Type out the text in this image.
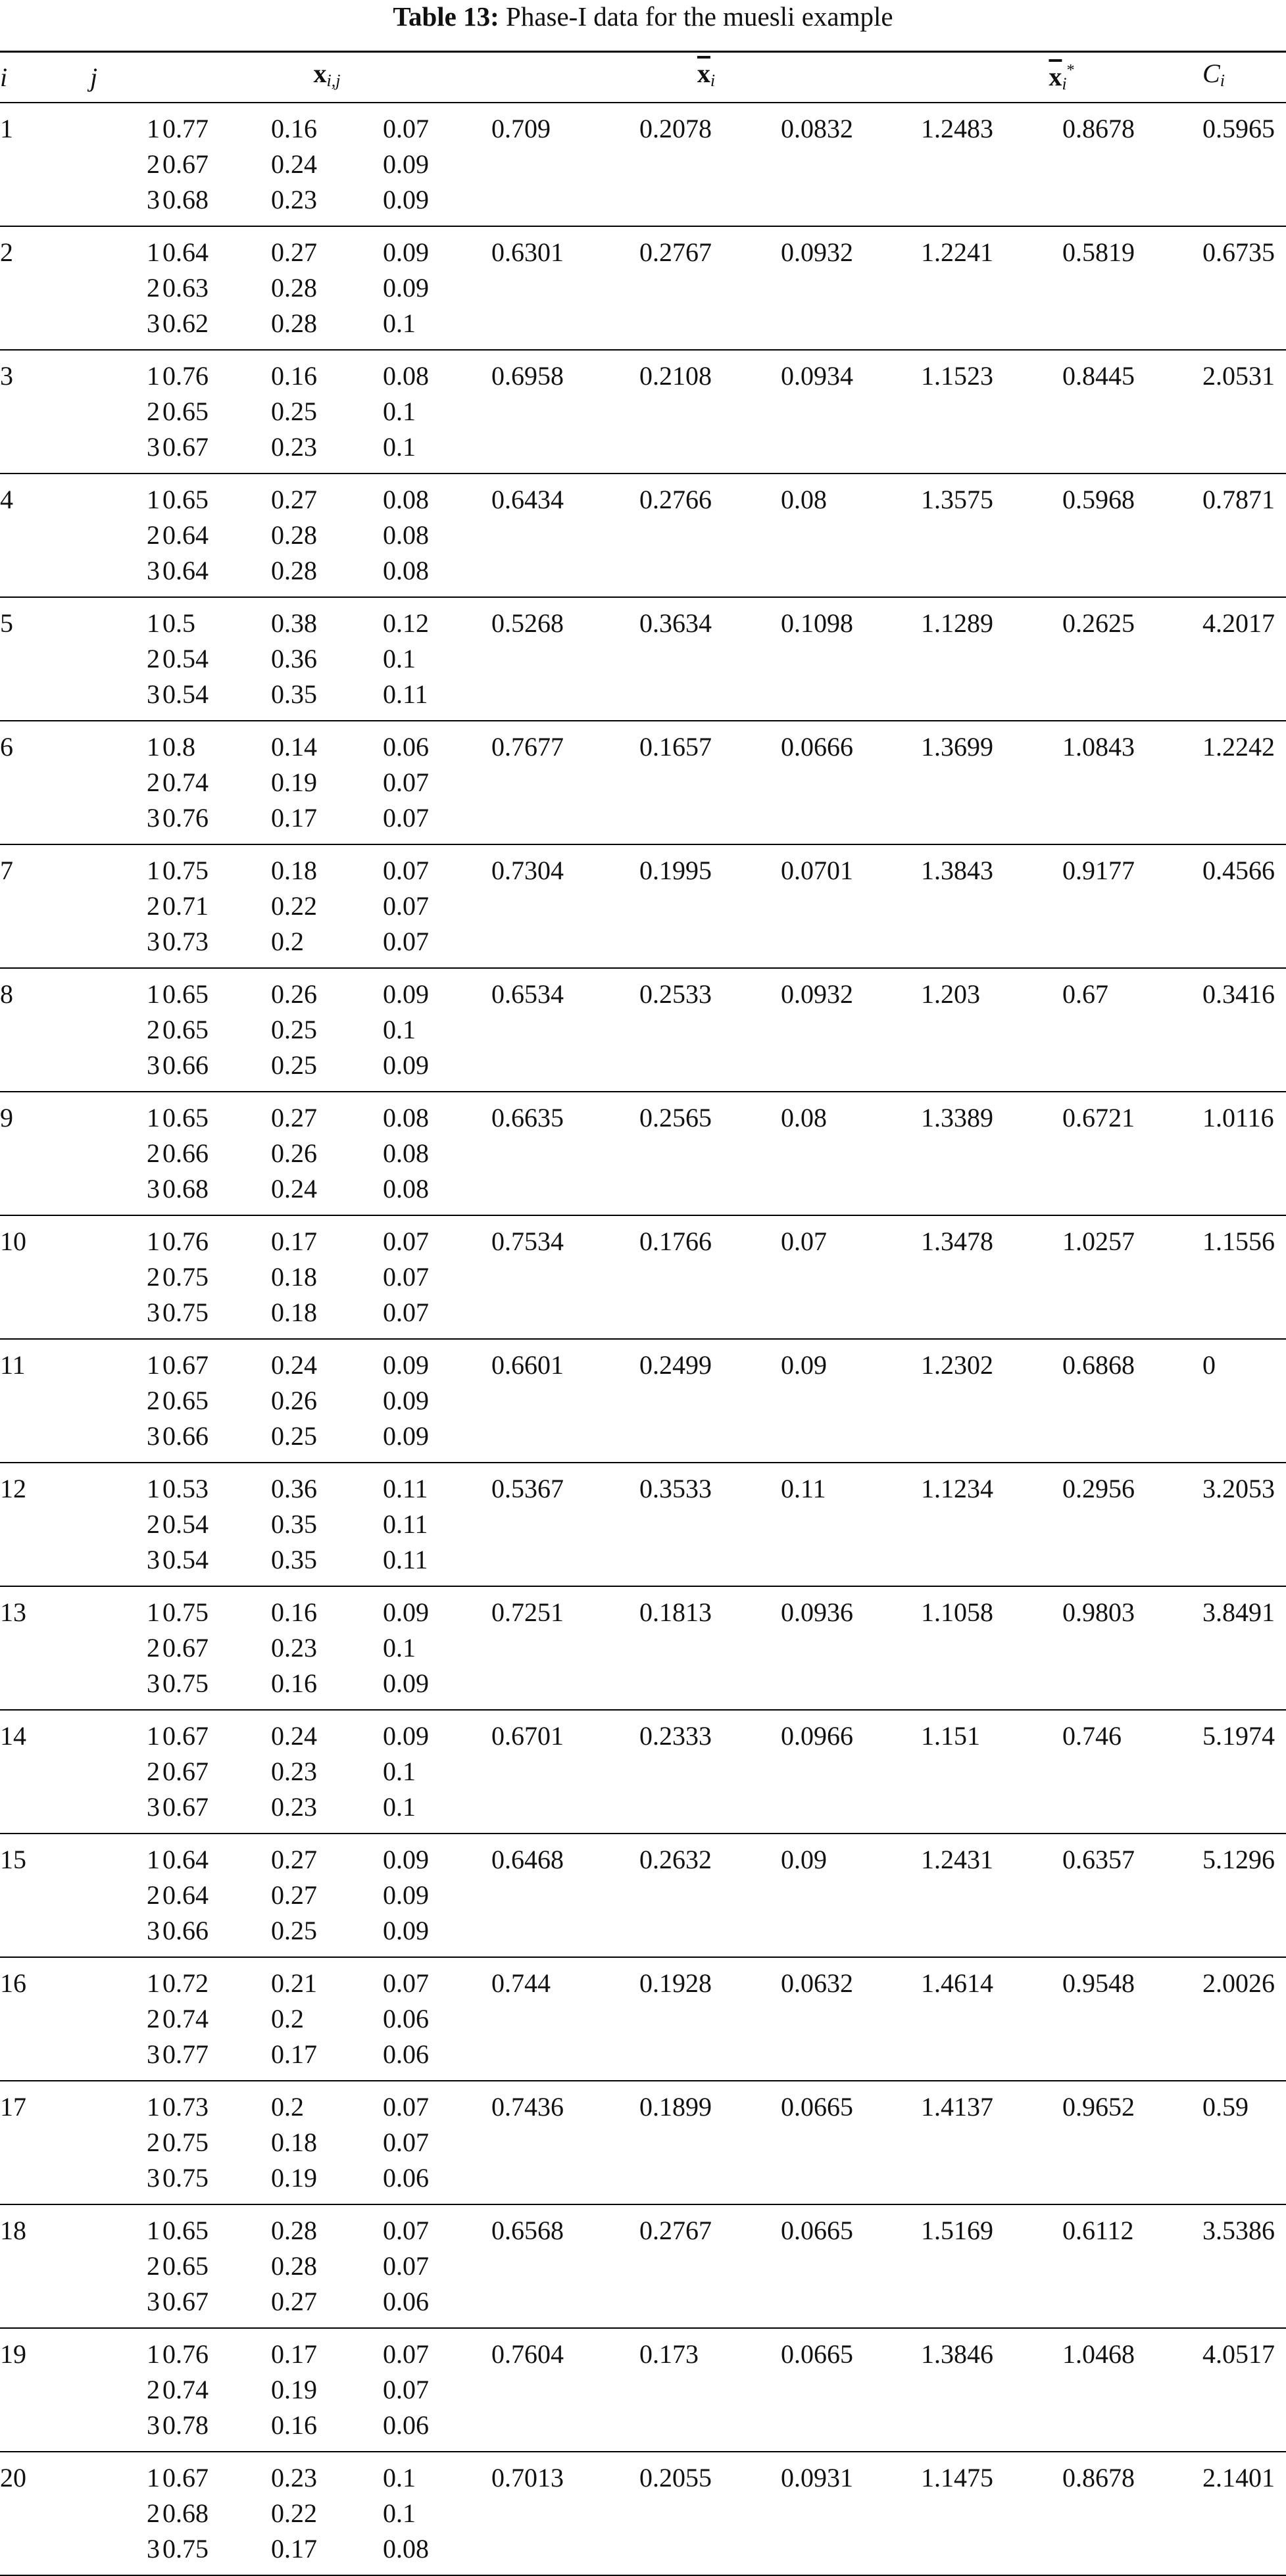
Table 13: Phase-I data for the muesli example
i	j	$x_{i,j}$			$\overline{x}_i$			$\overline{x}_i^*$		$C_i$
1	1	0.77	0.16	0.07	0.709	0.2078	0.0832	1.2483	0.8678	0.5965
	2	0.67	0.24	0.09						
	3	0.68	0.23	0.09						
2	1	0.64	0.27	0.09	0.6301	0.2767	0.0932	1.2241	0.5819	0.6735
	2	0.63	0.28	0.09						
	3	0.62	0.28	0.1						
3	1	0.76	0.16	0.08	0.6958	0.2108	0.0934	1.1523	0.8445	2.0531
	2	0.65	0.25	0.1						
	3	0.67	0.23	0.1						
4	1	0.65	0.27	0.08	0.6434	0.2766	0.08	1.3575	0.5968	0.7871
	2	0.64	0.28	0.08						
	3	0.64	0.28	0.08						
5	1	0.5	0.38	0.12	0.5268	0.3634	0.1098	1.1289	0.2625	4.2017
	2	0.54	0.36	0.1						
	3	0.54	0.35	0.11						
6	1	0.8	0.14	0.06	0.7677	0.1657	0.0666	1.3699	1.0843	1.2242
	2	0.74	0.19	0.07						
	3	0.76	0.17	0.07						
7	1	0.75	0.18	0.07	0.7304	0.1995	0.0701	1.3843	0.9177	0.4566
	2	0.71	0.22	0.07						
	3	0.73	0.2	0.07						
8	1	0.65	0.26	0.09	0.6534	0.2533	0.0932	1.203	0.67	0.3416
	2	0.65	0.25	0.1						
	3	0.66	0.25	0.09						
9	1	0.65	0.27	0.08	0.6635	0.2565	0.08	1.3389	0.6721	1.0116
	2	0.66	0.26	0.08						
	3	0.68	0.24	0.08						
10	1	0.76	0.17	0.07	0.7534	0.1766	0.07	1.3478	1.0257	1.1556
	2	0.75	0.18	0.07						
	3	0.75	0.18	0.07						
11	1	0.67	0.24	0.09	0.6601	0.2499	0.09	1.2302	0.6868	0
	2	0.65	0.26	0.09						
	3	0.66	0.25	0.09						
12	1	0.53	0.36	0.11	0.5367	0.3533	0.11	1.1234	0.2956	3.2053
	2	0.54	0.35	0.11						
	3	0.54	0.35	0.11						
13	1	0.75	0.16	0.09	0.7251	0.1813	0.0936	1.1058	0.9803	3.8491
	2	0.67	0.23	0.1						
	3	0.75	0.16	0.09						
14	1	0.67	0.24	0.09	0.6701	0.2333	0.0966	1.151	0.746	5.1974
	2	0.67	0.23	0.1						
	3	0.67	0.23	0.1						
15	1	0.64	0.27	0.09	0.6468	0.2632	0.09	1.2431	0.6357	5.1296
	2	0.64	0.27	0.09						
	3	0.66	0.25	0.09						
16	1	0.72	0.21	0.07	0.744	0.1928	0.0632	1.4614	0.9548	2.0026
	2	0.74	0.2	0.06						
	3	0.77	0.17	0.06						
17	1	0.73	0.2	0.07	0.7436	0.1899	0.0665	1.4137	0.9652	0.59
	2	0.75	0.18	0.07						
	3	0.75	0.19	0.06						
18	1	0.65	0.28	0.07	0.6568	0.2767	0.0665	1.5169	0.6112	3.5386
	2	0.65	0.28	0.07						
	3	0.67	0.27	0.06						
19	1	0.76	0.17	0.07	0.7604	0.173	0.0665	1.3846	1.0468	4.0517
	2	0.74	0.19	0.07						
	3	0.78	0.16	0.06						
20	1	0.67	0.23	0.1	0.7013	0.2055	0.0931	1.1475	0.8678	2.1401
	2	0.68	0.22	0.1						
	3	0.75	0.17	0.08						
